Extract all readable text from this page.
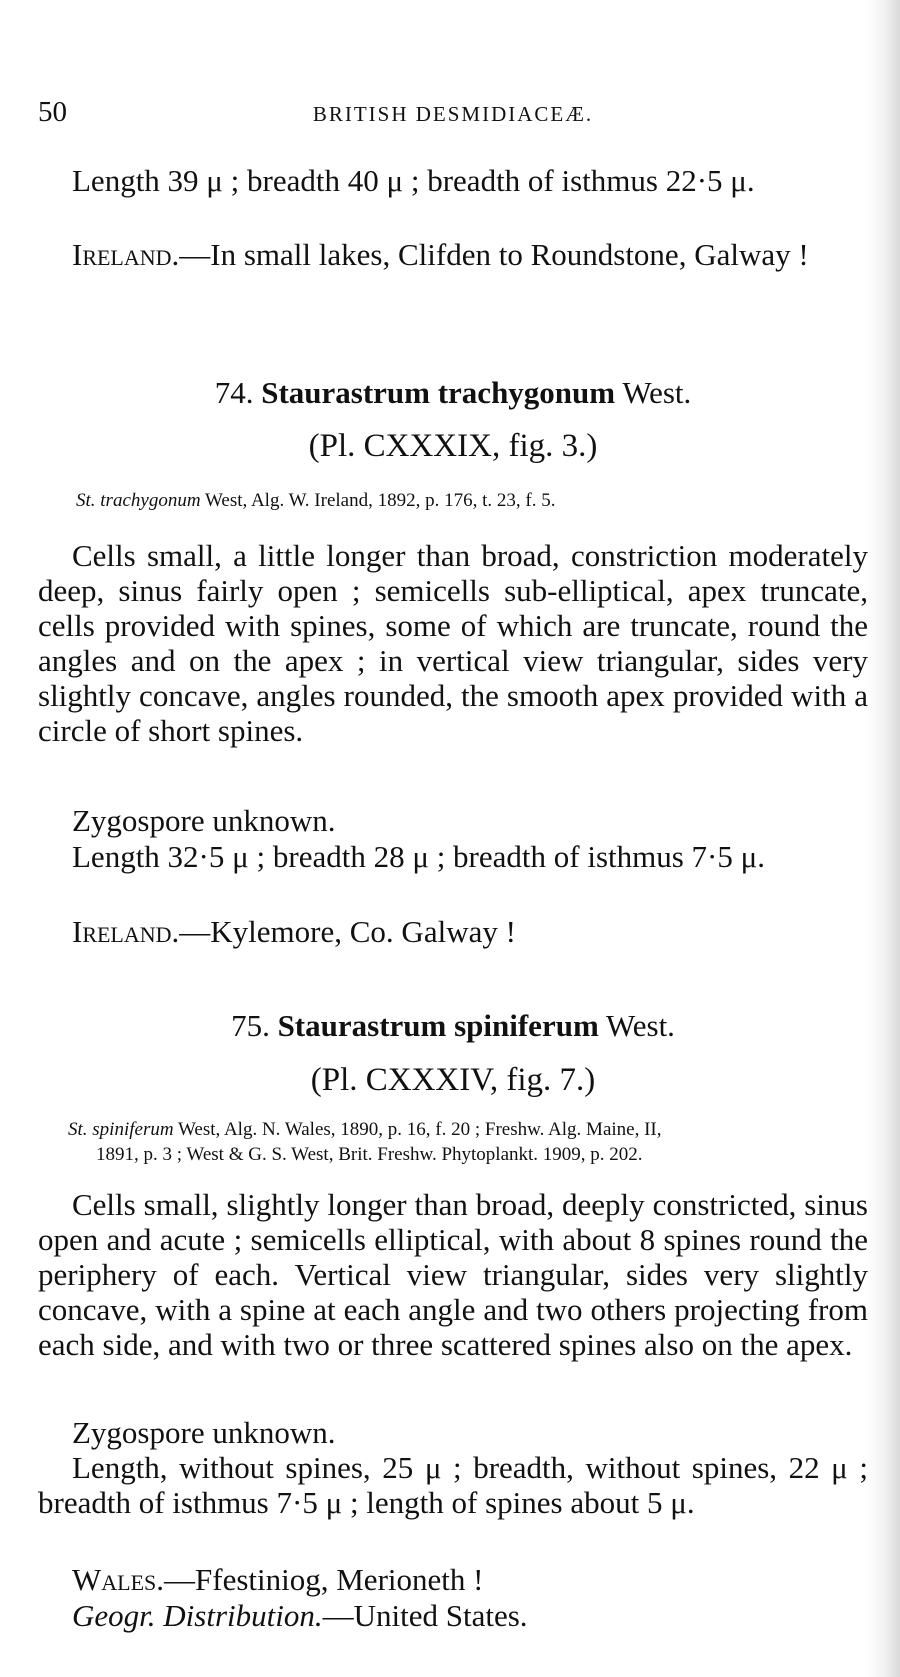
50	BRITISH DESMIDIACEÆ.

Length 39 μ ; breadth 40 μ ; breadth of isthmus 22·5 μ.

Ireland.—In small lakes, Clifden to Roundstone, Galway !

74. Staurastrum trachygonum West.

(Pl. CXXXIX, fig. 3.)

St. trachygonum West, Alg. W. Ireland, 1892, p. 176, t. 23, f. 5.

Cells small, a little longer than broad, constriction moderately deep, sinus fairly open ; semicells sub-elliptical, apex truncate, cells provided with spines, some of which are truncate, round the angles and on the apex ; in vertical view triangular, sides very slightly concave, angles rounded, the smooth apex provided with a circle of short spines.

Zygospore unknown.

Length 32·5 μ ; breadth 28 μ ; breadth of isthmus 7·5 μ.

Ireland.—Kylemore, Co. Galway !

75. Staurastrum spiniferum West.

(Pl. CXXXIV, fig. 7.)

St. spiniferum West, Alg. N. Wales, 1890, p. 16, f. 20 ; Freshw. Alg. Maine, II,
1891, p. 3 ; West & G. S. West, Brit. Freshw. Phytoplankt. 1909, p. 202.

Cells small, slightly longer than broad, deeply constricted, sinus open and acute ; semicells elliptical, with about 8 spines round the periphery of each. Vertical view triangular, sides very slightly concave, with a spine at each angle and two others projecting from each side, and with two or three scattered spines also on the apex.

Zygospore unknown.

Length, without spines, 25 μ ; breadth, without spines, 22 μ ; breadth of isthmus 7·5 μ ; length of spines about 5 μ.

Wales.—Ffestiniog, Merioneth !

Geogr. Distribution.—United States.
